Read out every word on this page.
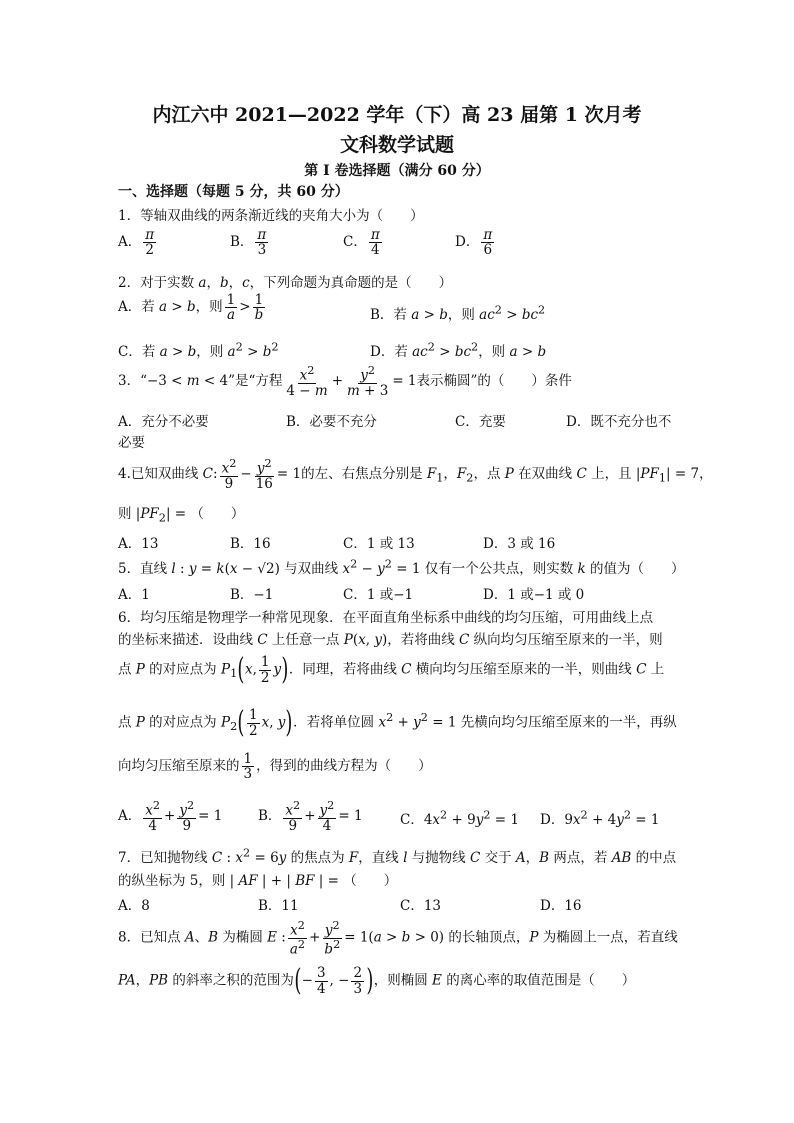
内江六中 2021—2022 学年（下）高 23 届第 1 次月考
文科数学试题
第 I 卷选择题（满分 60 分）
一、选择题（每题 5 分，共 60 分）
1．等轴双曲线的两条渐近线的夹角大小为（　　）
A． $\frac{\pi}{2}$	B． $\frac{\pi}{3}$	C． $\frac{\pi}{4}$	D． $\frac{\pi}{6}$
2．对于实数 a，b，c，下列命题为真命题的是（　　）
A．若 a > b，则 $\frac{1}{a} > \frac{1}{b}$	B．若 a > b，则 $ac^2 > bc^2$
C．若 a > b，则 $a^2 > b^2$	D．若 $ac^2 > bc^2$，则 a > b
3．“−3 < m < 4”是“方程 $\frac{x^2}{4 - m} + \frac{y^2}{m + 3} = 1$表示椭圆”的（　　）条件
A．充分不必要	B．必要不充分	C．充要	D．既不充分也不
必要
4.已知双曲线 C: $\frac{x^2}{9} - \frac{y^2}{16} = 1$的左、右焦点分别是 $F_1$，$F_2$，点 P 在双曲线 C 上，且 $|PF_1| = 7$，
则 $|PF_2|$ = （　　）
A．13	B．16	C．1 或 13	D．3 或 16
5．直线 l : y = k(x − √2) 与双曲线 $x^2 - y^2 = 1$ 仅有一个公共点，则实数 k 的值为（　　）
A．1	B．−1	C．1 或−1	D．1 或−1 或 0
6．均匀压缩是物理学一种常见现象．在平面直角坐标系中曲线的均匀压缩，可用曲线上点
的坐标来描述．设曲线 C 上任意一点 P(x, y)，若将曲线 C 纵向均匀压缩至原来的一半，则
点 P 的对应点为 $P_1(x$, $\frac{1}{2} y$)．同理，若将曲线 C 横向均匀压缩至原来的一半，则曲线 C 上
点 P 的对应点为 $P_2( \frac{1}{2} x$, y)．若将单位圆 $x^2 + y^2 = 1$ 先横向均匀压缩至原来的一半，再纵
向均匀压缩至原来的 $\frac{1}{3}$ ，得到的曲线方程为（　　）
A． $\frac{x^2}{4} + \frac{y^2}{9} = 1$	B． $\frac{x^2}{9} + \frac{y^2}{4} = 1$	C．$4x^2 + 9y^2 = 1$ D．$9x^2 + 4y^2 = 1$
7．已知抛物线 C : $x^2 = 6y$ 的焦点为 F，直线 l 与抛物线 C 交于 A，B 两点，若 AB 的中点
的纵坐标为 5，则 | AF | + | BF | = （　　）
A．8	B．11	C．13	D．16
8．已知点 A、B 为椭圆 E : $\frac{x^2}{a^2} + \frac{y^2}{b^2} = 1(a > b > 0)$ 的长轴顶点，P 为椭圆上一点，若直线
PA，PB 的斜率之积的范围为(− $\frac{3}{4}$ , − $\frac{2}{3}$ )，则椭圆 E 的离心率的取值范围是（　　）
